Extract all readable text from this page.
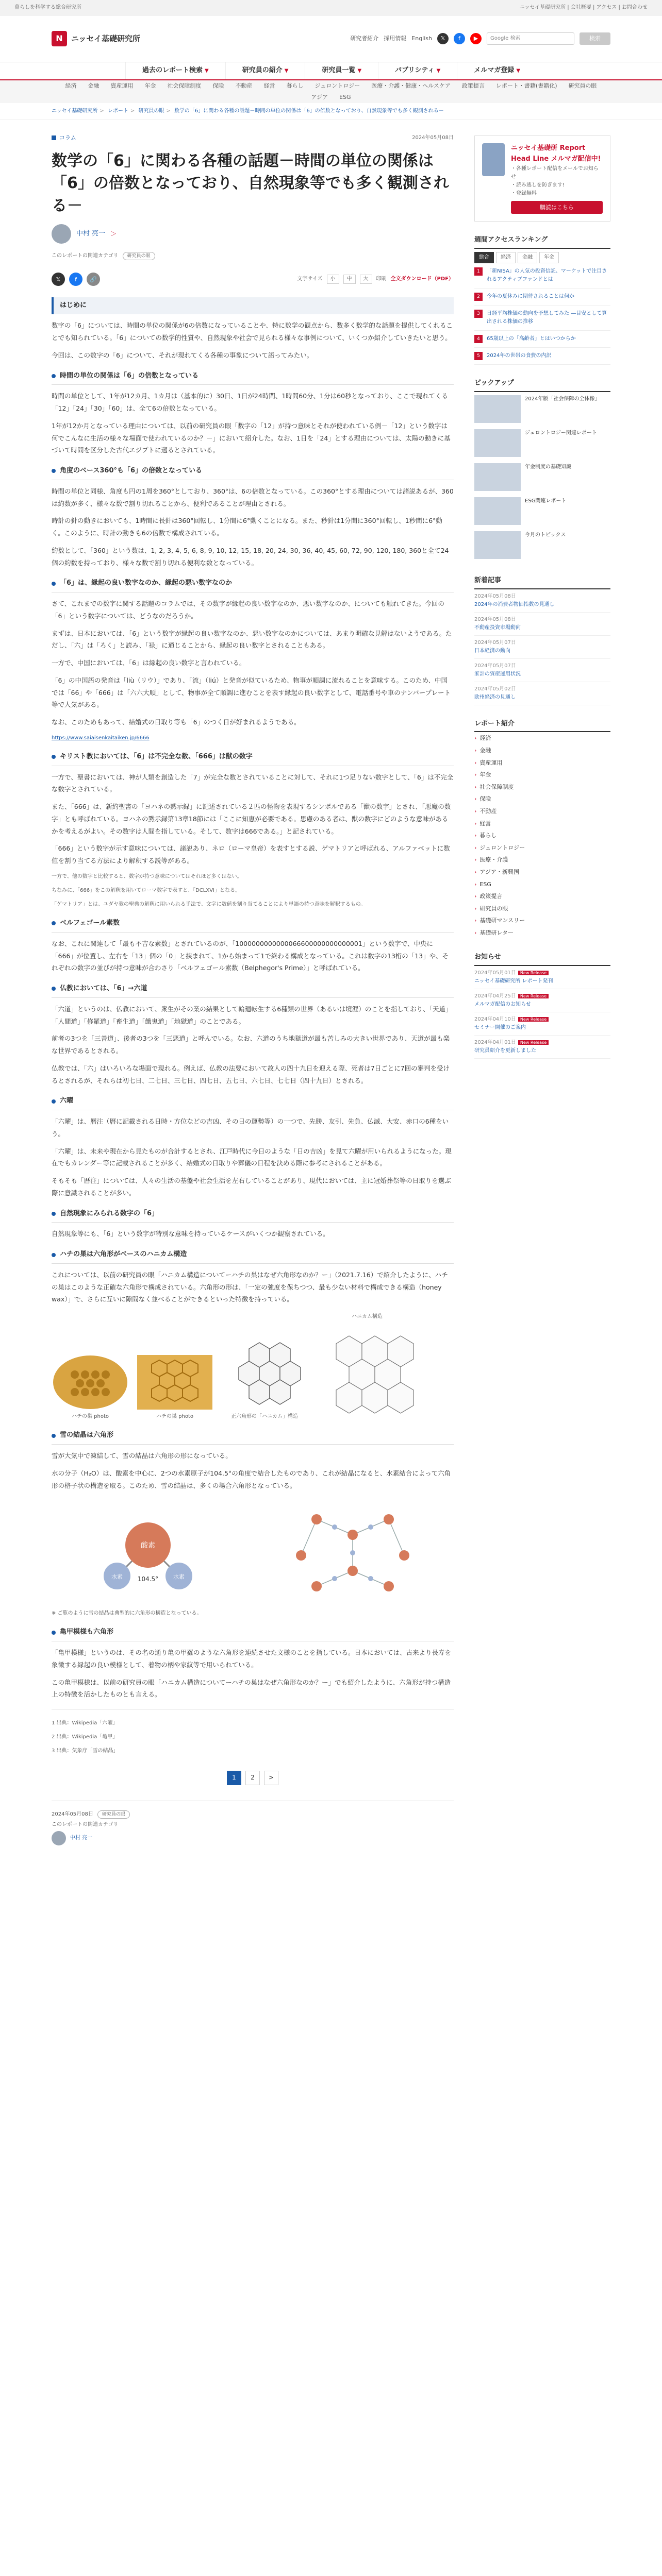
暮らしを科学する総合研究所	ニッセイ基礎研究所 | 会社概要 | アクセス | お問合わせ
N	ニッセイ基礎研究所	研究者紹介 採用情報 English	𝕏	f	▶	Google 検索	検索
過去のレポート検索 ▼	研究員の紹介 ▼	研究員一覧 ▼	パブリシティ ▼	メルマガ登録 ▼
経済 金融 資産運用 年金 社会保障制度 保険 不動産 経営 暮らし ジェロントロジー 医療・介護・健康・ヘルスケア 政策提言 レポート・書籍(書籍化) 研究員の眼
アジア ESG
ニッセイ基礎研究所 > レポート > 研究員の眼 > 数学の「6」に関わる各種の話題－時間の単位の関係は「6」の倍数となっており、自然現象等でも多く観測される－
コラム	2024年05月08日
数学の「6」に関わる各種の話題－時間の単位の関係は「6」の倍数となっており、自然現象等でも多く観測される－
中村 亮一 ＞
このレポートの関連カテゴリ	研究員の眼
𝕏	f	🔗	文字サイズ	小	中	大	印刷 全文ダウンロード（PDF）
はじめに

数字の「6」については、時間の単位の関係が6の倍数になっていることや、特に数学の観点から、数多く数学的な話題を提供してくれることでも知られている。「6」についての数学的性質や、自然現象や社会で見られる様々な事例について、いくつか紹介していきたいと思う。

今回は、この数字の「6」について、それが現れてくる各種の事象について語ってみたい。

時間の単位の関係は「6」の倍数となっている

時間の単位として、1年が12カ月、1カ月は（基本的に）30日、1日が24時間、1時間60分、1分は60秒となっており、ここで現れてくる「12」「24」「30」「60」は、全て6の倍数となっている。

1年が12か月となっている理由については、以前の研究員の眼「数字の「12」が持つ意味とそれが使われている例－「12」という数字は何でこんなに生活の様々な場面で使われているのか？－」において紹介した。なお、1日を「24」とする理由については、太陽の動きに基づいて時間を区分した古代エジプトに遡るとされている。

角度のベース360°も「6」の倍数となっている

時間の単位と同様、角度も円の1周を360°としており、360°は、6の倍数となっている。この360°とする理由については諸説あるが、360は約数が多く、様々な数で割り切れることから、便利であることが理由とされる。

時計の針の動きにおいても、1時間に長針は360°回転し、1分間に6°動くことになる。また、秒針は1分間に360°回転し、1秒間に6°動く。このように、時計の動きも6の倍数で構成されている。

約数として、「360」という数は、1, 2, 3, 4, 5, 6, 8, 9, 10, 12, 15, 18, 20, 24, 30, 36, 40, 45, 60, 72, 90, 120, 180, 360と全て24個の約数を持っており、様々な数で割り切れる便利な数となっている。

「6」は、縁起の良い数字なのか、縁起の悪い数字なのか

さて、これまでの数字に関する話題のコラムでは、その数字が縁起の良い数字なのか、悪い数字なのか、についても触れてきた。今回の「6」という数字については、どうなのだろうか。

まずは、日本においては、「6」という数字が縁起の良い数字なのか、悪い数字なのかについては、あまり明確な見解はないようである。ただし、「六」は「ろく」と読み、「禄」に通じることから、縁起の良い数字とされることもある。

一方で、中国においては、「6」は縁起の良い数字と言われている。

「6」の中国語の発音は「liù（リウ）」であり、「流」（liú）と発音が似ているため、物事が順調に流れることを意味する。このため、中国では「66」や「666」は「六六大順」として、物事が全て順調に進むことを表す縁起の良い数字として、電話番号や車のナンバープレート等で人気がある。

なお、このためもあって、結婚式の日取り等も「6」のつく日が好まれるようである。

https://www.saiaisenkaitaiken.jp/6666

キリスト教においては、「6」は不完全な数、「666」は獣の数字

一方で、聖書においては、神が人類を創造した「7」が完全な数とされていることに対して、それに1つ足りない数字として、「6」は不完全な数字とされている。

また、「666」は、新約聖書の「ヨハネの黙示録」に記述されている２匹の怪物を表現するシンボルである「獣の数字」とされ、「悪魔の数字」とも呼ばれている。ヨハネの黙示録第13章18節には「ここに知恵が必要である。思慮のある者は、獣の数字にどのような意味があるかを考えるがよい。その数字は人間を指している。そして、数字は666である。」と記されている。

「666」という数字が示す意味については、諸説あり、ネロ（ローマ皇帝）を表すとする説、ゲマトリアと呼ばれる、アルファベットに数値を割り当てる方法により解釈する説等がある。

一方で、他の数字と比較すると、数字が持つ意味についてはそれほど多くはない。

ちなみに、「666」をこの解釈を用いてローマ数字で表すと、「DCLXVI」となる。

「ゲマトリア」とは、ユダヤ教の聖典の解釈に用いられる手法で、文字に数値を割り当てることにより単語の持つ意味を解釈するもの。

ベルフェゴール素数

なお、これに関連して「最も不吉な素数」とされているのが、「1000000000000066600000000000001」という数字で、中央に「666」が位置し、左右を「13」個の「0」と挟まれて、1から始まって1で終わる構成となっている。これは数字の13桁の「13」や、それぞれの数字の並びが持つ意味が合わさり「ベルフェゴール素数（Belphegor's Prime）」と呼ばれている。

仏教においては、「6」→六道

「六道」というのは、仏教において、衆生がその業の結果として輪廻転生する6種類の世界（あるいは境涯）のことを指しており、「天道」「人間道」「修羅道」「畜生道」「餓鬼道」「地獄道」のことである。

前者の3つを「三善道」、後者の3つを「三悪道」と呼んでいる。なお、六道のうち地獄道が最も苦しみの大きい世界であり、天道が最も楽な世界であるとされる。

仏教では、「六」はいろいろな場面で現れる。例えば、仏教の法要において故人の四十九日を迎える際、死者は7日ごとに7回の審判を受けるとされるが、それらは初七日、二七日、三七日、四七日、五七日、六七日、七七日（四十九日）とされる。

六曜

「六曜」は、暦注（暦に記載される日時・方位などの吉凶、その日の運勢等）の一つで、先勝、友引、先負、仏滅、大安、赤口の6種をいう。

「六曜」は、未来や現在から見たものが合計するとされ、江戸時代に今日のような「日の吉凶」を見て六曜が用いられるようになった。現在でもカレンダー等に記載されることが多く、結婚式の日取りや葬儀の日程を決める際に参考にされることがある。

そもそも「暦注」については、人々の生活の基盤や社会生活を左右していることがあり、現代においては、主に冠婚葬祭等の日取りを選ぶ際に意識されることが多い。

自然現象にみられる数字の「6」

自然現象等にも、「6」という数字が特別な意味を持っているケースがいくつか観察されている。

ハチの巣は六角形がベースのハニカム構造

これについては、以前の研究員の眼「ハニカム構造についてーハチの巣はなぜ六角形なのか？ー」（2021.7.16）で紹介したように、ハチの巣はこのような正確な六角形で構成されている。六角形の形は、「一定の強度を保ちつつ、最も少ない材料で構成できる構造（honey wax）」で、さらに互いに隙間なく並べることができるといった特徴を持っている。

ハチの巣 photo	ハチの巣 photo	正六角形の「ハニカム」構造
ハニカム構造
雪の結晶は六角形

雪が大気中で凍結して、雪の結晶は六角形の形になっている。

水の分子（H₂O）は、酸素を中心に、2つの水素原子が104.5°の角度で結合したものであり、これが結晶になると、水素結合によって六角形の格子状の構造を取る。このため、雪の結晶は、多くの場合六角形となっている。

酸素
水素	水素
104.5°

※ ご覧のように雪の結晶は典型的に六角形の構造となっている。

亀甲模様も六角形

「亀甲模様」というのは、その名の通り亀の甲羅のような六角形を連続させた文様のことを指している。日本においては、古来より長寿を象徴する縁起の良い模様として、着物の柄や家紋等で用いられている。

この亀甲模様は、以前の研究員の眼「ハニカム構造についてーハチの巣はなぜ六角形なのか？ー」でも紹介したように、六角形が持つ構造上の特徴を活かしたものとも言える。

1 出典：Wikipedia「六曜」

2 出典：Wikipedia「亀甲」

3 出典：気象庁「雪の結晶」

1	2	>
2024年05月08日	研究員の眼
このレポートの関連カテゴリ
中村 亮一
ニッセイ基礎研 Report Head Line メルマガ配信中!
・各種レポート配信をメールでお知らせ
・読み逃しを防ぎます!
・登録無料
購読はこちら
週間アクセスランキング
総合	経済	金融	年金
1	「新NISA」の人気の投資信託、マーケットで注目されるアクティブファンドとは
2	今年の夏休みに期待されることは何か
3	日経平均株価の動向を予想してみた ―目安として算出される株価の推移
4	65歳以上の「高齢者」とはいつからか
5	2024年の世帯の食費の内訳
ピックアップ
2024年版「社会保障の全体像」
ジェロントロジー関連レポート
年金制度の基礎知識
ESG関連レポート
今月のトピックス
新着記事
2024年05月08日
2024年の消費者物価指数の見通し
2024年05月08日
不動産投資市場動向
2024年05月07日
日本経済の動向
2024年05月07日
家計の資産運用状況
2024年05月02日
欧州経済の見通し
レポート紹介
› 経済
› 金融
› 資産運用
› 年金
› 社会保障制度
› 保険
› 不動産
› 経営
› 暮らし
› ジェロントロジー
› 医療・介護
› アジア・新興国
› ESG
› 政策提言
› 研究員の眼
› 基礎研マンスリー
› 基礎研レター
お知らせ
2024年05月01日 New Release
ニッセイ基礎研究所 レポート発刊
2024年04月25日 New Release
メルマガ配信のお知らせ
2024年04月10日 New Release
セミナー開催のご案内
2024年04月01日 New Release
研究員紹介を更新しました
